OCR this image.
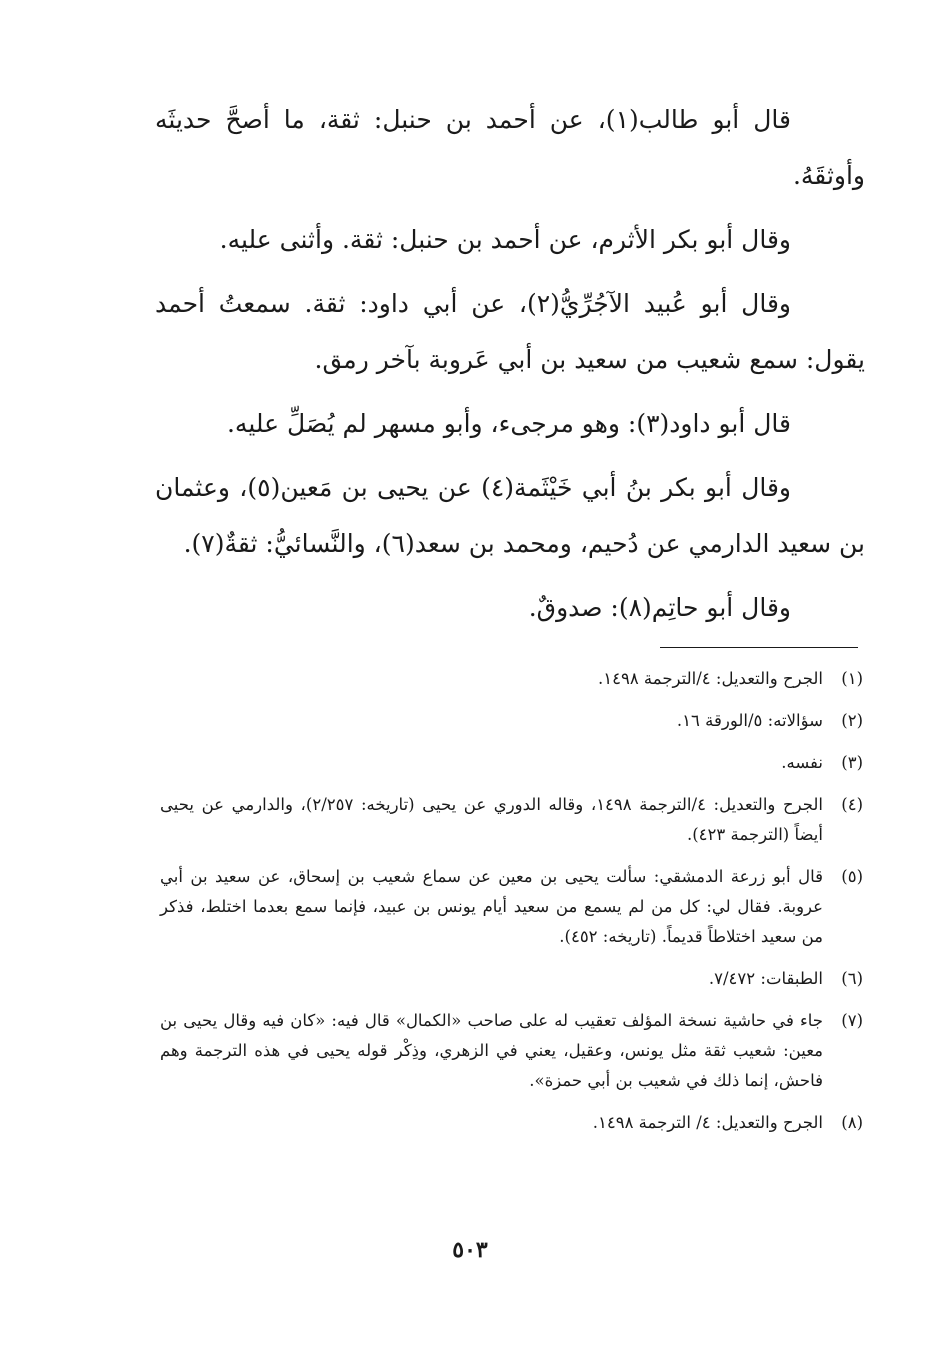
قال أبو طالب(١)، عن أحمد بن حنبل: ثقة، ما أصحَّ حديثَه وأوثقَهُ.

وقال أبو بكر الأثرم، عن أحمد بن حنبل: ثقة. وأثنى عليه.

وقال أبو عُبيد الآجُرِّيُّ(٢)، عن أبي داود: ثقة. سمعتُ أحمد يقول: سمع شعيب من سعيد بن أبي عَروبة بآخر رمق.

قال أبو داود(٣): وهو مرجىء، وأبو مسهر لم يُصَلِّ عليه.

وقال أبو بكر بنُ أبي خَيْثَمة(٤) عن يحيى بن مَعين(٥)، وعثمان بن سعيد الدارمي عن دُحيم، ومحمد بن سعد(٦)، والنَّسائيُّ: ثقةٌ(٧).

وقال أبو حاتِم(٨): صدوقٌ.

(١)
الجرح والتعديل: ٤/الترجمة ١٤٩٨.
(٢)
سؤالاته: ٥/الورقة ١٦.
(٣)
نفسه.
(٤)
الجرح والتعديل: ٤/الترجمة ١٤٩٨، وقاله الدوري عن يحيى (تاريخه: ٢/٢٥٧)، والدارمي عن يحيى أيضاً (الترجمة ٤٢٣).
(٥)
قال أبو زرعة الدمشقي: سألت يحيى بن معين عن سماع شعيب بن إسحاق، عن سعيد بن أبي عروبة. فقال لي: كل من لم يسمع من سعيد أيام يونس بن عبيد، فإنما سمع بعدما اختلط، فذكر من سعيد اختلاطاً قديماً. (تاريخه: ٤٥٢).
(٦)
الطبقات: ٧/٤٧٢.
(٧)
جاء في حاشية نسخة المؤلف تعقيب له على صاحب «الكمال» قال فيه: «كان فيه وقال يحيى بن معين: شعيب ثقة مثل يونس، وعقيل، يعني في الزهري، وذِكْر قوله يحيى في هذه الترجمة وهم فاحش، إنما ذلك في شعيب بن أبي حمزة».
(٨)
الجرح والتعديل: ٤/ الترجمة ١٤٩٨.
٥٠٣
